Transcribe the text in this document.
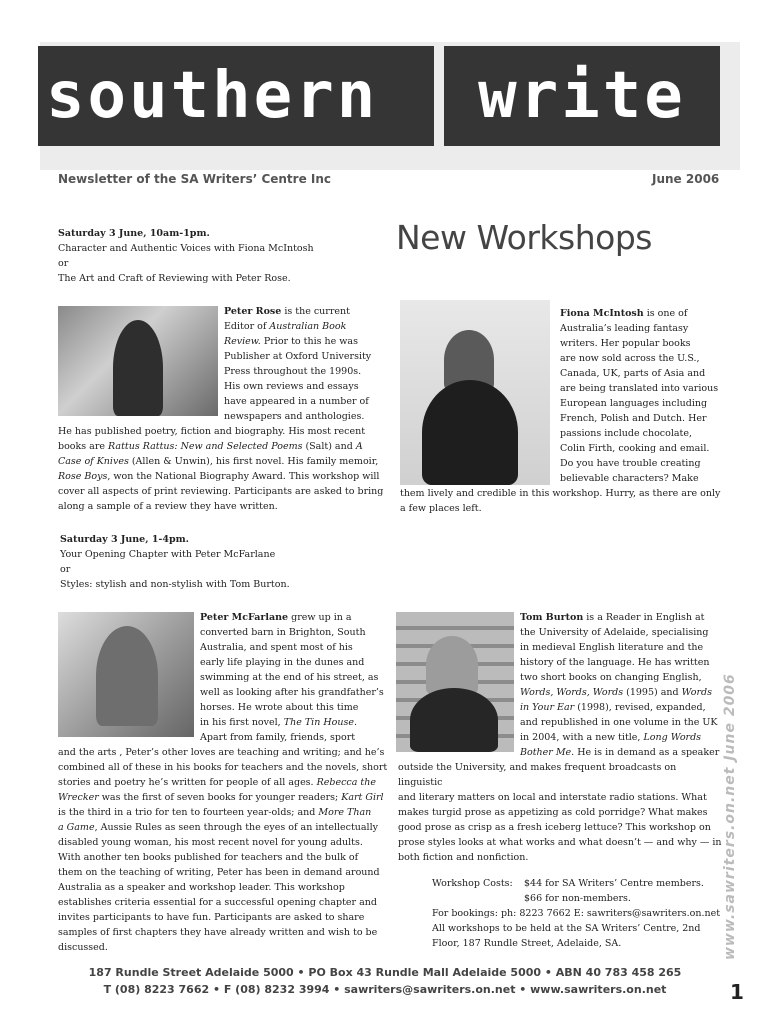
southern	write
Newsletter of the SA Writers’ Centre Inc	June 2006
Saturday 3 June, 10am-1pm.
Character and Authentic Voices with Fiona McIntosh
or
The Art and Craft of Reviewing with Peter Rose.
New Workshops
Peter Rose is the current
Editor of Australian Book
Review. Prior to this he was
Publisher at Oxford University
Press throughout the 1990s.
His own reviews and essays
have appeared in a number of
newspapers and anthologies.
He has published poetry, fiction and biography. His most recent
books are Rattus Rattus: New and Selected Poems (Salt) and A
Case of Knives (Allen & Unwin), his first novel. His family memoir,
Rose Boys, won the National Biography Award. This workshop will
cover all aspects of print reviewing. Participants are asked to bring
along a sample of a review they have written.
Fiona McIntosh is one of
Australia’s leading fantasy
writers. Her popular books
are now sold across the U.S.,
Canada, UK, parts of Asia and
are being translated into various
European languages including
French, Polish and Dutch. Her
passions include chocolate,
Colin Firth, cooking and email.
Do you have trouble creating
believable characters? Make
them lively and credible in this workshop. Hurry, as there are only
a few places left.
Saturday 3 June, 1-4pm.
Your Opening Chapter with Peter McFarlane
or
Styles: stylish and non-stylish with Tom Burton.
Peter McFarlane grew up in a
converted barn in Brighton, South
Australia, and spent most of his
early life playing in the dunes and
swimming at the end of his street, as
well as looking after his grandfather’s
horses. He wrote about this time
in his first novel, The Tin House.
Apart from family, friends, sport
and the arts , Peter’s other loves are teaching and writing; and he’s
combined all of these in his books for teachers and the novels, short
stories and poetry he’s written for people of all ages. Rebecca the
Wrecker was the first of seven books for younger readers; Kart Girl
is the third in a trio for ten to fourteen year-olds; and More Than
a Game, Aussie Rules as seen through the eyes of an intellectually
disabled young woman, his most recent novel for young adults.
With another ten books published for teachers and the bulk of
them on the teaching of writing, Peter has been in demand around
Australia as a speaker and workshop leader. This workshop
establishes criteria essential for a successful opening chapter and
invites participants to have fun. Participants are asked to share
samples of first chapters they have already written and wish to be
discussed.
Tom Burton is a Reader in English at
the University of Adelaide, specialising
in medieval English literature and the
history of the language. He has written
two short books on changing English,
Words, Words, Words (1995) and Words
in Your Ear (1998), revised, expanded,
and republished in one volume in the UK
in 2004, with a new title, Long Words
Bother Me. He is in demand as a speaker
outside the University, and makes frequent broadcasts on linguistic
and literary matters on local and interstate radio stations. What
makes turgid prose as appetizing as cold porridge? What makes
good prose as crisp as a fresh iceberg lettuce? This workshop on
prose styles looks at what works and what doesn’t — and why — in
both fiction and nonfiction.
Workshop Costs:	$44 for SA Writers’ Centre members.
$66 for non-members.
For bookings: ph: 8223 7662 E: sawriters@sawriters.on.net
All workshops to be held at the SA Writers’ Centre, 2nd
Floor, 187 Rundle Street, Adelaide, SA.	www.sawriters.on.net June 2006
187 Rundle Street Adelaide 5000 • PO Box 43 Rundle Mall Adelaide 5000 • ABN 40 783 458 265
T (08) 8223 7662 • F (08) 8232 3994 • sawriters@sawriters.on.net • www.sawriters.on.net	1
